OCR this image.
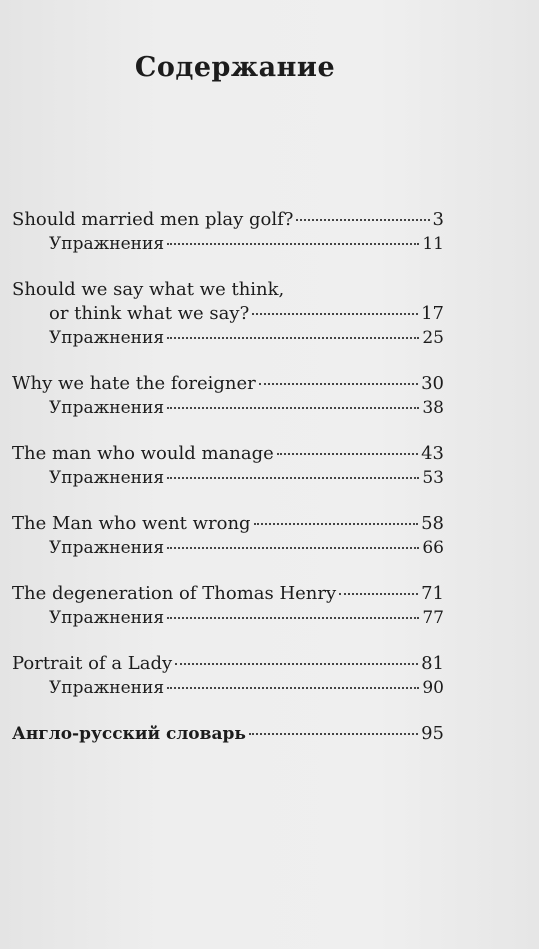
Содержание
Should married men play golf?	3
Упражнения	11
Should we say what we think,
or think what we say?	17
Упражнения	25
Why we hate the foreigner	30
Упражнения	38
The man who would manage	43
Упражнения	53
The Man who went wrong	58
Упражнения	66
The degeneration of Thomas Henry	71
Упражнения	77
Portrait of a Lady	81
Упражнения	90
Англо-русский словарь	95
